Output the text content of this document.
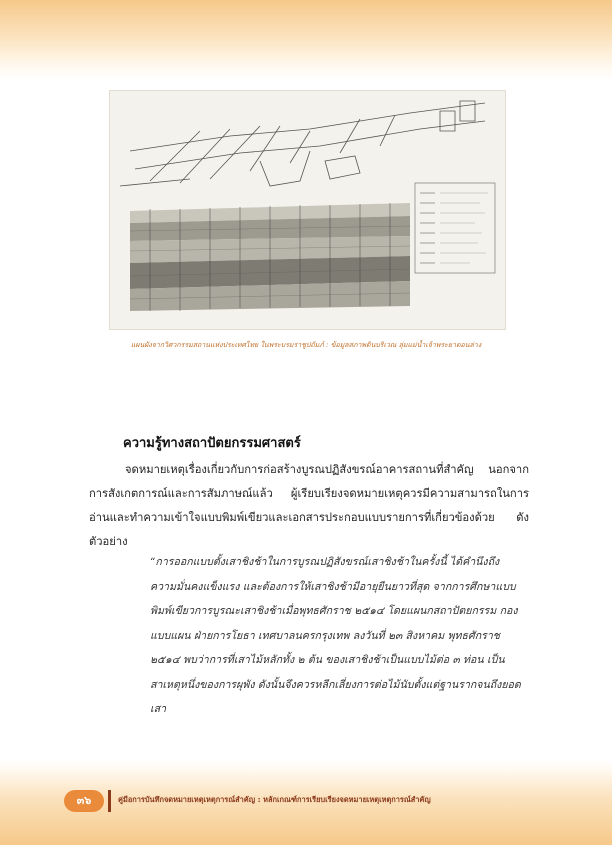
แผนผังจากวิศวกรรมสถานแห่งประเทศไทย ในพระบรมราชูปถัมภ์ : ข้อมูลสภาพดินบริเวณ ลุ่มแม่น้ำเจ้าพระยาตอนล่าง
ความรู้ทางสถาปัตยกรรมศาสตร์

จดหมายเหตุเรื่องเกี่ยวกับการก่อสร้างบูรณปฏิสังขรณ์อาคารสถานที่สำคัญ นอกจากการสังเกตการณ์และการสัมภาษณ์แล้ว ผู้เรียบเรียงจดหมายเหตุควรมีความสามารถในการอ่านและทำความเข้าใจแบบพิมพ์เขียวและเอกสารประกอบแบบรายการที่เกี่ยวข้องด้วย ดังตัวอย่าง

“การออกแบบตั้งเสาชิงช้าในการบูรณปฏิสังขรณ์เสาชิงช้าในครั้งนี้ ได้คำนึงถึงความมั่นคงแข็งแรง และต้องการให้เสาชิงช้ามีอายุยืนยาวที่สุด จากการศึกษาแบบพิมพ์เขียวการบูรณะเสาชิงช้าเมื่อพุทธศักราช ๒๕๑๔ โดยแผนกสถาปัตยกรรม กองแบบแผน ฝ่ายการโยธา เทศบาลนครกรุงเทพ ลงวันที่ ๒๓ สิงหาคม พุทธศักราช ๒๕๑๔ พบว่าการที่เสาไม้หลักทั้ง ๒ ต้น ของเสาชิงช้าเป็นแบบไม้ต่อ ๓ ท่อน เป็นสาเหตุหนึ่งของการผุพัง ดังนั้นจึงควรหลีกเลี่ยงการต่อไม้นับตั้งแต่ฐานรากจนถึงยอดเสา

๓๖	คู่มือการบันทึกจดหมายเหตุเหตุการณ์สำคัญ : หลักเกณฑ์การเรียบเรียงจดหมายเหตุเหตุการณ์สำคัญ
